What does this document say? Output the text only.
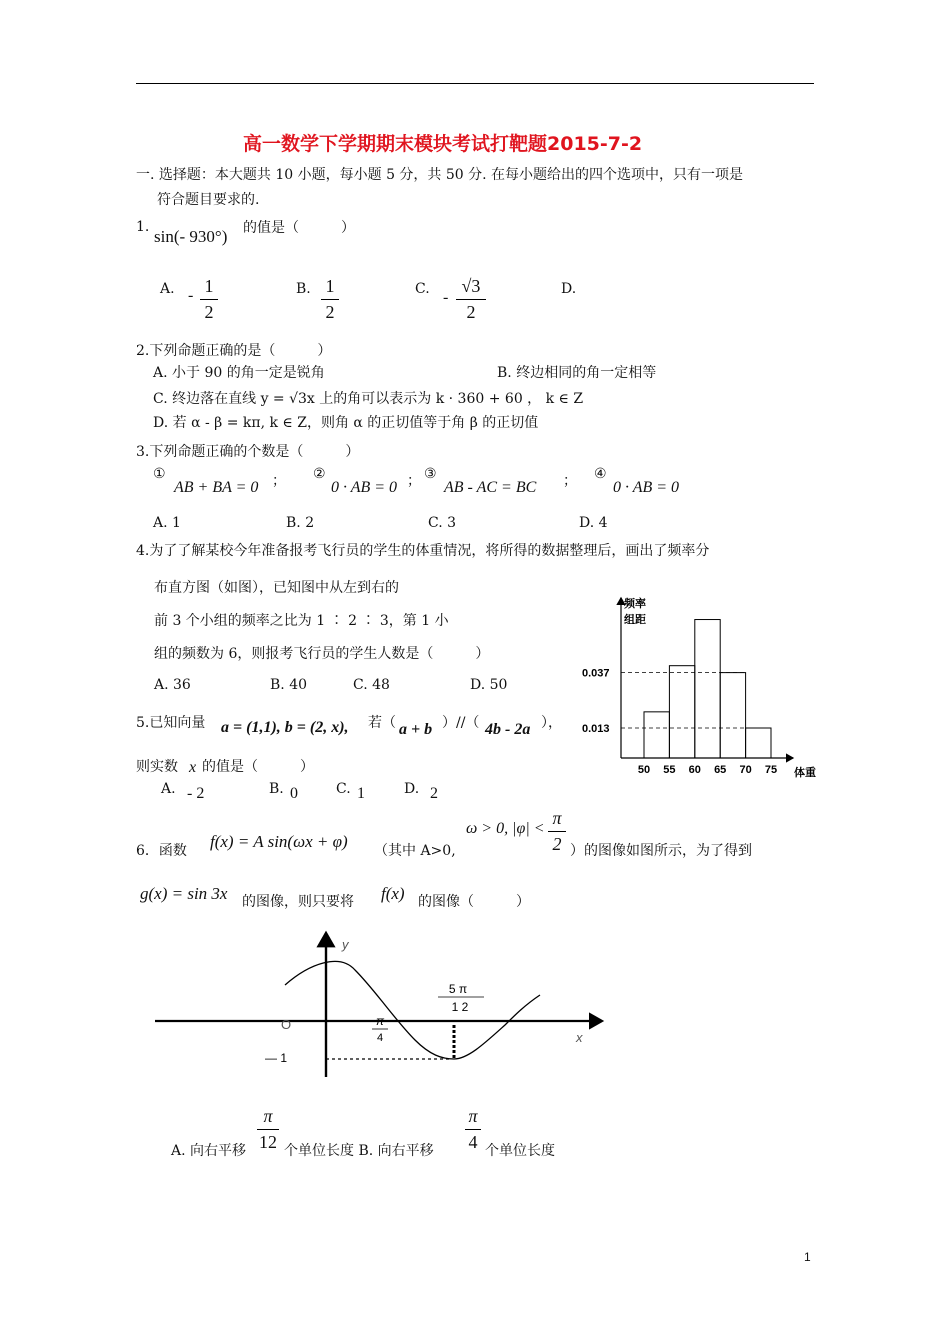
高一数学下学期期末模块考试打靶题2015-7-2
一. 选择题：本大题共 10 小题，每小题 5 分，共 50 分. 在每小题给出的四个选项中，只有一项是
符合题目要求的.
1. sin(- 930°) 的值是（　　　）
A. - 1
2
B. 1
2
C. -
√3
2
D.
2.下列命题正确的是（　　　）
A. 小于 90 的角一定是锐角	B. 终边相同的角一定相等
C. 终边落在直线 y = √3x 上的角可以表示为 k · 360 + 60 ， k ∈ Z
D. 若 α - β = kπ, k ∈ Z，则角 α 的正切值等于角 β 的正切值
3.下列命题正确的个数是（　　　）
①
AB + BA = 0 ； ②
0 · AB = 0 ； ③
AB - AC = BC ； ④
0 · AB = 0
A. 1	B. 2	C. 3	D. 4
4.为了了解某校今年准备报考飞行员的学生的体重情况，将所得的数据整理后，画出了频率分
布直方图（如图），已知图中从左到右的
前 3 个小组的频率之比为 1 ∶ 2 ∶ 3，第 1 小
组的频数为 6，则报考飞行员的学生人数是（　　　）
A. 36	B. 40	C. 48	D. 50
频率
组距
体重
0.037
0.013
50 55 60 65 70 75
5.已知向量 a = (1,1), b = (2, x), 若（ a + b ）//（ 4b - 2a ），
则实数 x 的值是（　　　）
A. - 2	B. 0	C. 1	D. 2
6．函数 f(x) = A sin(ωx + φ) （其中 A>0,
ω > 0, |φ| <
π
2 ）的图像如图所示，为了得到
g(x) = sin 3x 的图像，则只要将 f(x) 的图像（　　　）
y
x
O
— 1
π
4
5 π
1 2
A. 向右平移
π
12 个单位长度 B. 向右平移
π
4 个单位长度
1
